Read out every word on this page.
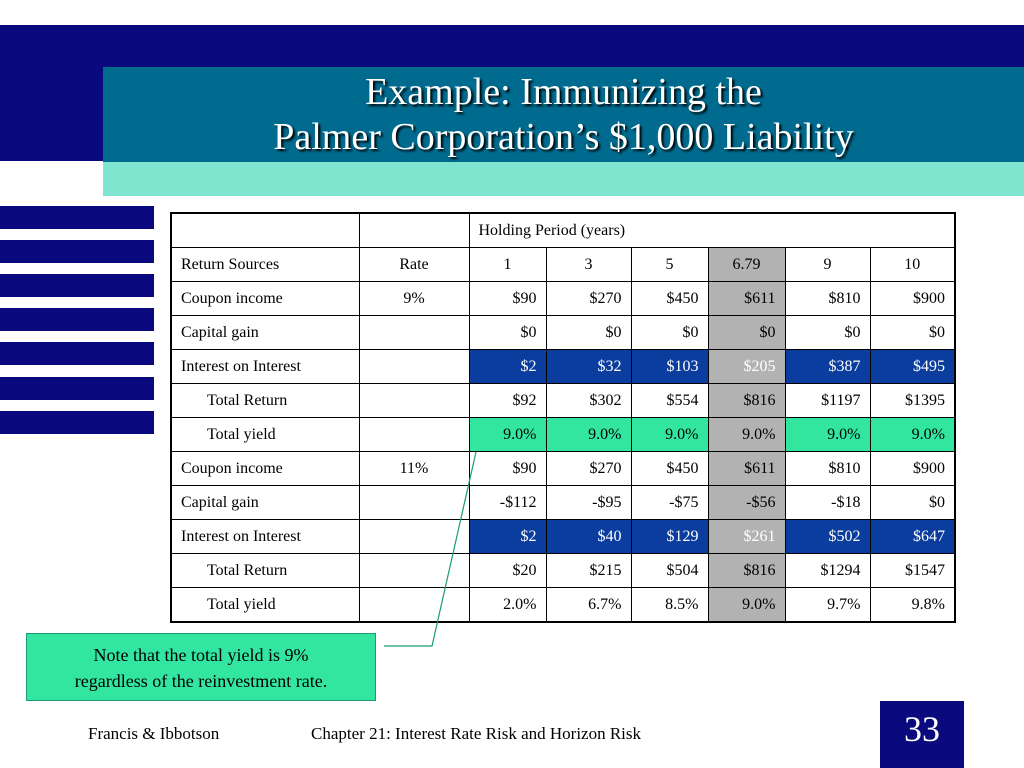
Example: Immunizing the
Palmer Corporation’s $1,000 Liability
		Holding Period (years)					
Return Sources	Rate	1	3	5	6.79	9	10
Coupon income	9%	$90	$270	$450	$611	$810	$900
Capital gain		$0	$0	$0	$0	$0	$0
Interest on Interest		$2	$32	$103	$205	$387	$495
Total Return		$92	$302	$554	$816	$1197	$1395
Total yield		9.0%	9.0%	9.0%	9.0%	9.0%	9.0%
Coupon income	11%	$90	$270	$450	$611	$810	$900
Capital gain		-$112	-$95	-$75	-$56	-$18	$0
Interest on Interest		$2	$40	$129	$261	$502	$647
Total Return		$20	$215	$504	$816	$1294	$1547
Total yield		2.0%	6.7%	8.5%	9.0%	9.7%	9.8%
Note that the total yield is 9%
regardless of the reinvestment rate.
Francis & Ibbotson	Chapter 21: Interest Rate Risk and Horizon Risk	33
